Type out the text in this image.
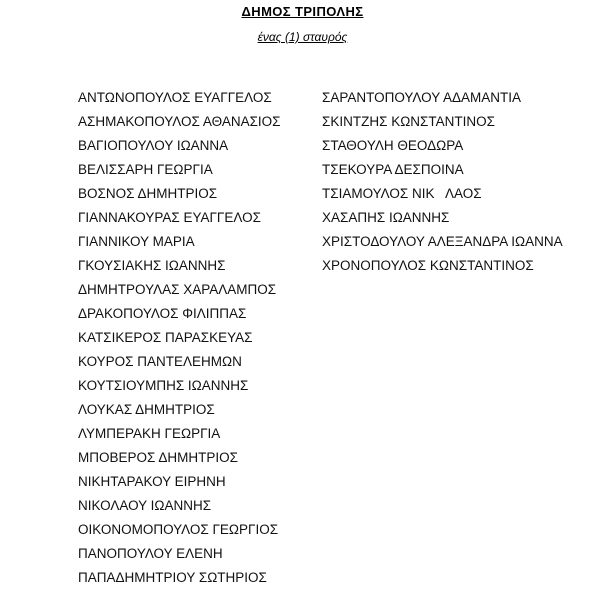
ΔΗΜΟΣ ΤΡΙΠΟΛΗΣ
ένας (1) σταυρός
ΑΝΤΩΝΟΠΟΥΛΟΣ ΕΥΑΓΓΕΛΟΣ
ΑΣΗΜΑΚΟΠΟΥΛΟΣ ΑΘΑΝΑΣΙΟΣ
ΒΑΓΙΟΠΟΥΛΟΥ ΙΩΑΝΝΑ
ΒΕΛΙΣΣΑΡΗ ΓΕΩΡΓΙΑ
ΒΟΣΝΟΣ ΔΗΜΗΤΡΙΟΣ
ΓΙΑΝΝΑΚΟΥΡΑΣ ΕΥΑΓΓΕΛΟΣ
ΓΙΑΝΝΙΚΟΥ ΜΑΡΙΑ
ΓΚΟΥΣΙΑΚΗΣ ΙΩΑΝΝΗΣ
ΔΗΜΗΤΡΟΥΛΑΣ ΧΑΡΑΛΑΜΠΟΣ
ΔΡΑΚΟΠΟΥΛΟΣ ΦΙΛΙΠΠΑΣ
ΚΑΤΣΙΚΕΡΟΣ ΠΑΡΑΣΚΕΥΑΣ
ΚΟΥΡΟΣ ΠΑΝΤΕΛΕΗΜΩΝ
ΚΟΥΤΣΙΟΥΜΠΗΣ ΙΩΑΝΝΗΣ
ΛΟΥΚΑΣ ΔΗΜΗΤΡΙΟΣ
ΛΥΜΠΕΡΑΚΗ ΓΕΩΡΓΙΑ
ΜΠΟΒΕΡΟΣ ΔΗΜΗΤΡΙΟΣ
ΝΙΚΗΤΑΡΑΚΟΥ ΕΙΡΗΝΗ
ΝΙΚΟΛΑΟΥ ΙΩΑΝΝΗΣ
ΟΙΚΟΝΟΜΟΠΟΥΛΟΣ ΓΕΩΡΓΙΟΣ
ΠΑΝΟΠΟΥΛΟΥ ΕΛΕΝΗ
ΠΑΠΑΔΗΜΗΤΡΙΟΥ ΣΩΤΗΡΙΟΣ
ΣΑΡΑΝΤΟΠΟΥΛΟΥ ΑΔΑΜΑΝΤΙΑ
ΣΚΙΝΤΖΗΣ ΚΩΝΣΤΑΝΤΙΝΟΣ
ΣΤΑΘΟΥΛΗ ΘΕΟΔΩΡΑ
ΤΣΕΚΟΥΡΑ ΔΕΣΠΟΙΝΑ
ΤΣΙΑΜΟΥΛΟΣ ΝΙΚ   ΛΑΟΣ
ΧΑΣΑΠΗΣ ΙΩΑΝΝΗΣ
ΧΡΙΣΤΟΔΟΥΛΟΥ ΑΛΕΞΑΝΔΡΑ ΙΩΑΝΝΑ
ΧΡΟΝΟΠΟΥΛΟΣ ΚΩΝΣΤΑΝΤΙΝΟΣ
